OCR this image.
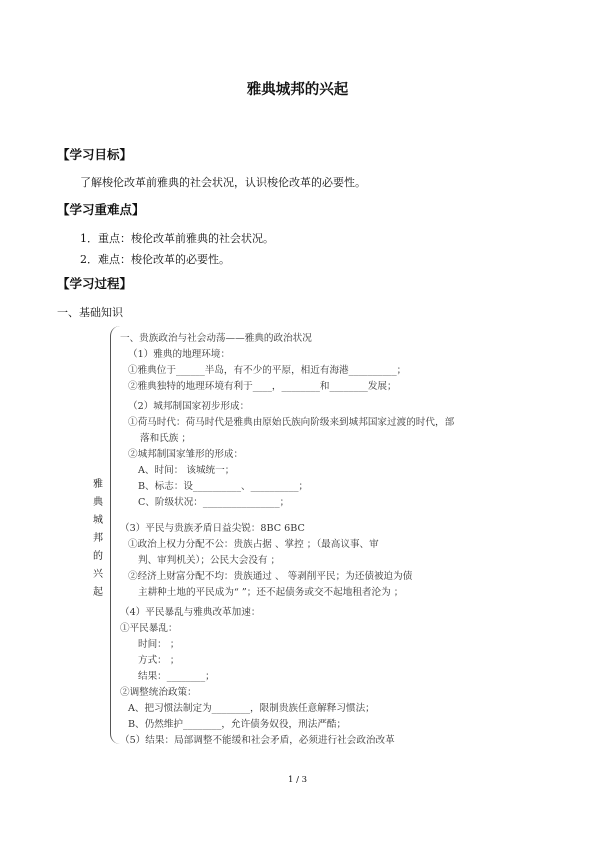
雅典城邦的兴起
【学习目标】
了解梭伦改革前雅典的社会状况，认识梭伦改革的必要性。
【学习重难点】
1．重点：梭伦改革前雅典的社会状况。
2．难点：梭伦改革的必要性。
【学习过程】
一、基础知识
雅典城邦的兴起
一、贵族政治与社会动荡——雅典的政治状况
（1）雅典的地理环境：
①雅典位于______半岛，有不少的平原，相近有海港__________；
②雅典独特的地理环境有利于____，________和________发展；
（2）城邦制国家初步形成：
①荷马时代：荷马时代是雅典由原始氏族向阶级来到城邦国家过渡的时代，部
落和氏族 ；
②城邦制国家雏形的形成：
A、时间： 该城统一；
B、标志：设__________、__________；
C、阶级状况：________________；
（3）平民与贵族矛盾日益尖锐：8BC 6BC
①政治上权力分配不公：贵族占据 、掌控 ；（最高议事、审
判、审判机关）；公民大会没有 ；
②经济上财富分配不均：贵族通过 、 等剥削平民；为还债被迫为债
主耕种土地的平民成为“ ”；还不起债务或交不起地租者沦为 ；
（4）平民暴乱与雅典改革加速：
①平民暴乱：
时间： ；
方式： ；
结果：________；
②调整统治政策：
A、把习惯法制定为________，限制贵族任意解释习惯法；
B、仍然维护________，允许债务奴役，刑法严酷；
（5）结果：局部调整不能缓和社会矛盾，必须进行社会政治改革
1 / 3
